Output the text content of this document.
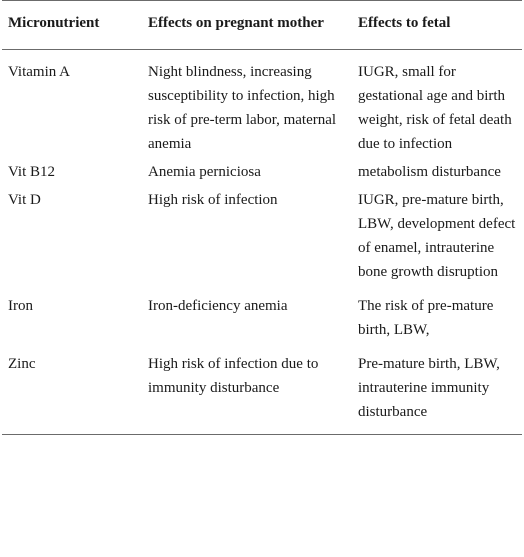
Micronutrient	Effects on pregnant mother	Effects to fetal
Vitamin A	Night blindness, increasing susceptibility to infection, high risk of pre-term labor, maternal anemia	IUGR, small for gestational age and birth weight, risk of fetal death due to infection
Vit B12	Anemia perniciosa	metabolism disturbance
Vit D	High risk of infection	IUGR, pre-mature birth, LBW, development defect of enamel, intrauterine bone growth disruption
Iron	Iron-deficiency anemia	The risk of pre-mature birth, LBW,
Zinc	High risk of infection due to immunity disturbance	Pre-mature birth, LBW, intrauterine immunity disturbance
